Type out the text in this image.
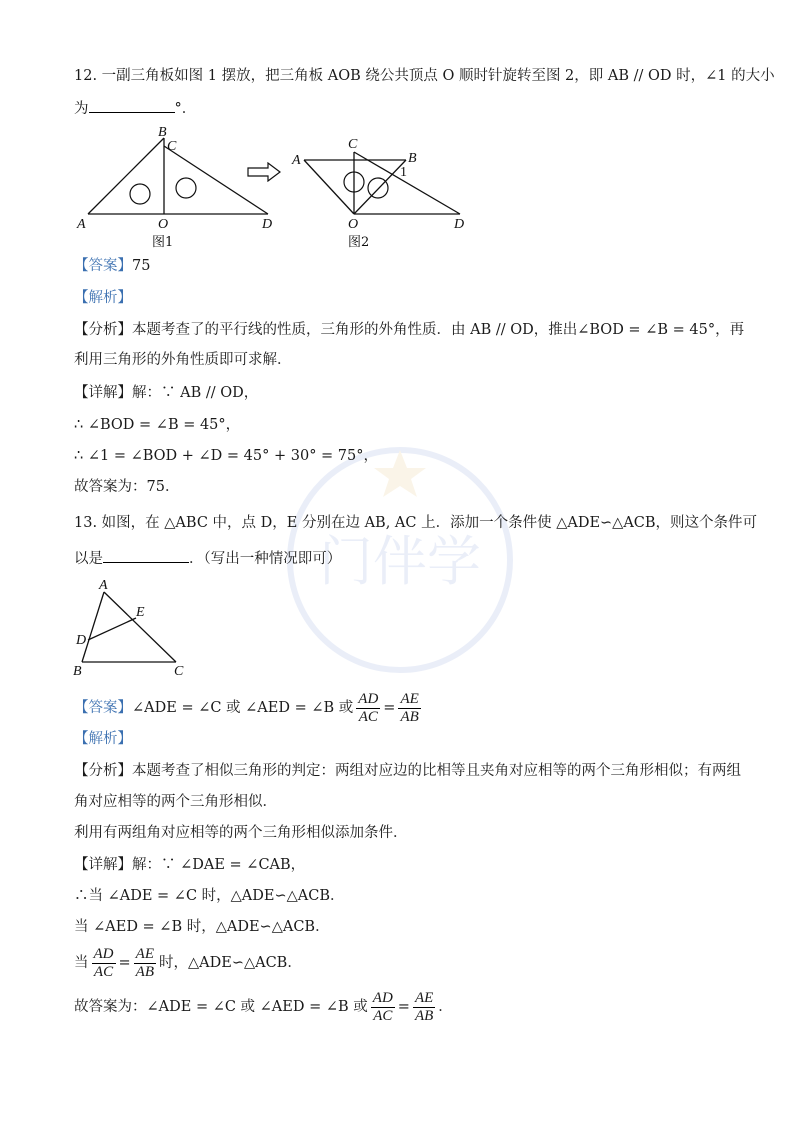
门伴学
12. 一副三角板如图 1 摆放，把三角板 AOB 绕公共顶点 O 顺时针旋转至图 2，即 AB // OD 时，∠1 的大小
为	°．
A
B
C
O	D
图1
A	B
C
O	D
1
图2
【答案】75
【解析】
【分析】本题考查了的平行线的性质，三角形的外角性质．由 AB // OD，推出∠BOD = ∠B = 45°，再
利用三角形的外角性质即可求解．
【详解】解：∵ AB // OD，
∴ ∠BOD = ∠B = 45°，
∴ ∠1 = ∠BOD + ∠D = 45° + 30° = 75°，
故答案为：75．
13. 如图，在 △ABC 中，点 D，E 分别在边 AB, AC 上．添加一个条件使 △ADE∽△ACB，则这个条件可
以是	．（写出一种情况即可）
A
B	C
D
E
【答案】 ∠ADE = ∠C 或 ∠AED = ∠B 或 $\frac{AD}{AC} = \frac{AE}{AB}$
【解析】
【分析】本题考查了相似三角形的判定：两组对应边的比相等且夹角对应相等的两个三角形相似；有两组
角对应相等的两个三角形相似．
利用有两组角对应相等的两个三角形相似添加条件．
【详解】解：∵ ∠DAE = ∠CAB，
∴当 ∠ADE = ∠C 时，△ADE∽△ACB．
当 ∠AED = ∠B 时，△ADE∽△ACB．
当 $\frac{AD}{AC} = \frac{AE}{AB}$ 时，△ADE∽△ACB．
故答案为：∠ADE = ∠C 或 ∠AED = ∠B 或 $\frac{AD}{AC} = \frac{AE}{AB}$ ．
